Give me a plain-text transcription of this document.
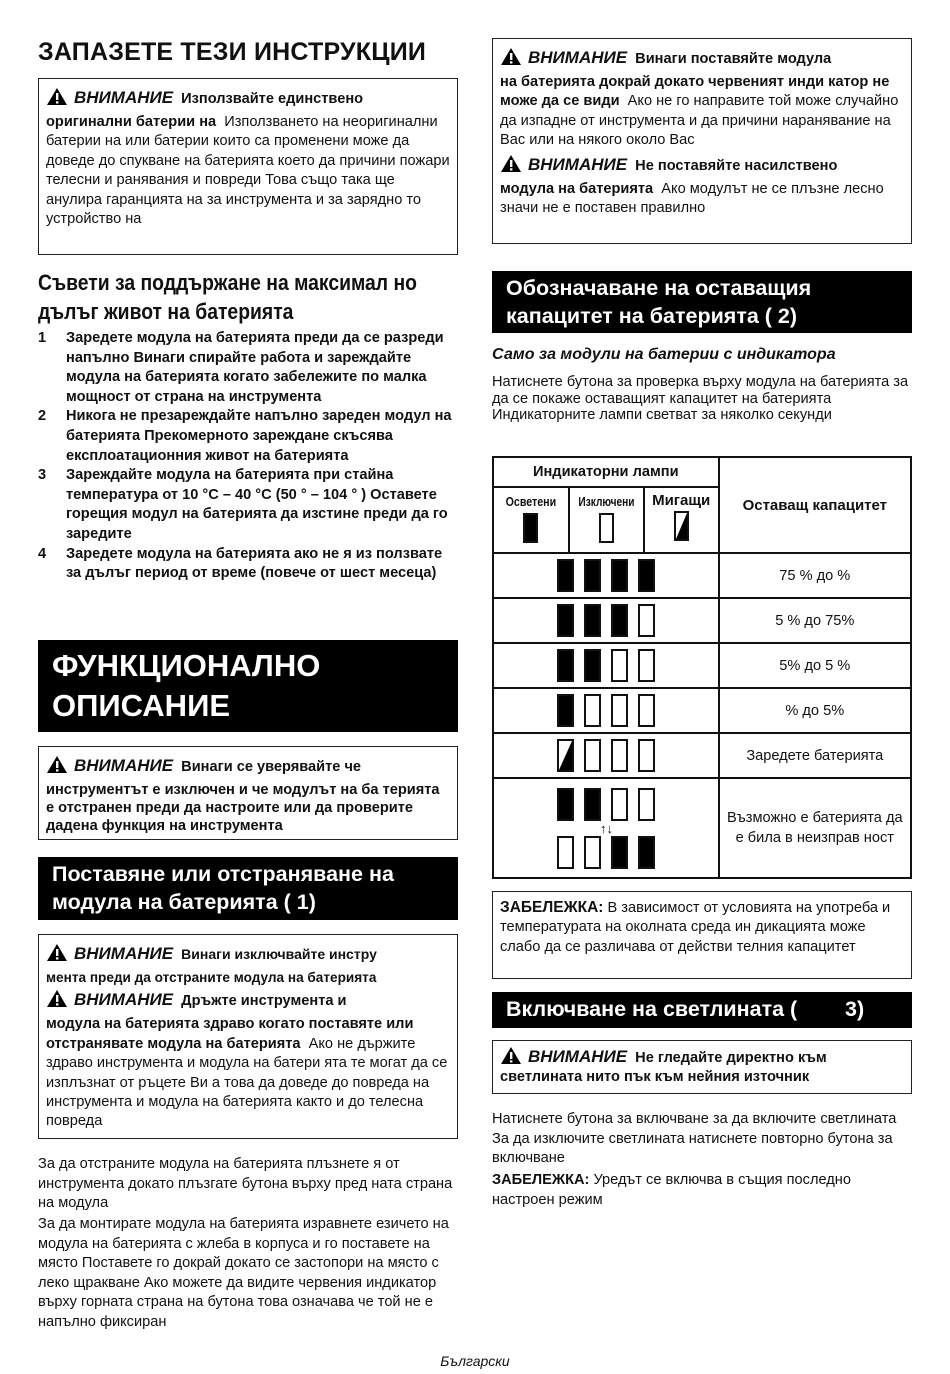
ЗАПАЗЕТЕ ТЕЗИ ИНСТРУКЦИИ
ВНИМАНИЕ Използвайте единствено
оригинални батерии на Използването на неоригинални батерии на или батерии които са променени може да доведе до спукване на батерията което да причини пожари телесни и ранявания и повреди Това също така ще анулира гаранцията на за инструмента и за зарядно то устройство на
Съвети за поддържане на максимал но дълъг живот на батерията
1 Заредете модула на батерията преди да се разреди напълно Винаги спирайте работа и зареждайте модула на батерията когато забележите по малка мощност от страна на инструмента
2 Никога не презареждайте напълно зареден модул на батерията Прекомерното зареждане скъсява експлоатационния живот на батерията
3 Зареждайте модула на батерията при стайна температура от 10 °C – 40 °C (50 ° – 104 ° ) Оставете горещия модул на батерията да изстине преди да го заредите
4 Заредете модула на батерията ако не я из ползвате за дълъг период от време (повече от шест месеца)
ФУНКЦИОНАЛНО
ОПИСАНИЕ
ВНИМАНИЕ Винаги се уверявайте че
инструментът е изключен и че модулът на ба терията е отстранен преди да настроите или да проверите дадена функция на инструмента
Поставяне или отстраняване на
модула на батерията ( 1)
ВНИМАНИЕ Винаги изключвайте инстру
мента преди да отстраните модула на батерията
ВНИМАНИЕ Дръжте инструмента и
модула на батерията здраво когато поставяте или отстранявате модула на батерията Ако не държите здраво инструмента и модула на батери ята те могат да се изплъзнат от ръцете Ви а това да доведе до повреда на инструмента и модула на батерията както и до телесна повреда
За да отстраните модула на батерията плъзнете я от инструмента докато плъзгате бутона върху пред ната страна на модула
За да монтирате модула на батерията изравнете езичето на модула на батерията с жлеба в корпуса и го поставете на място Поставете го докрай докато се застопори на място с леко щракване Ако можете да видите червения индикатор върху горната страна на бутона това означава че той не е напълно фиксиран
ВНИМАНИЕ Винаги поставяйте модула
на батерията докрай докато червеният инди катор не може да се види Ако не го направите той може случайно да изпадне от инструмента и да причини наранявание на Вас или на някого около Вас
ВНИМАНИЕ Не поставяйте насилствено
модула на батерията Ако модулът не се плъзне лесно значи не е поставен правилно
Обозначаване на оставащия
капацитет на батерията ( 2)
Само за модули на батерии с индикатора
Натиснете бутона за проверка върху модула на батерията за да се покаже оставащият капацитет на батерията Индикаторните лампи светват за няколко секунди
Индикаторни лампи			Оставащ капацитет

Осветени	Изключени	Мигащи	

			75 % до %
			5 % до 75%
			5% до 5 %
			% до 5%
			Заредете батерията

↑↓			Възможно е батерията да е била в неизправ ност
ЗАБЕЛЕЖКА: В зависимост от условията на употреба и температурата на околната среда ин дикацията може слабо да се различава от действи телния капацитет
Включване на светлината (        3)
ВНИМАНИЕ Не гледайте директно към
светлината нито пък към нейния източник
Натиснете бутона за включване за да включите светлината За да изключите светлината натиснете повторно бутона за включване
ЗАБЕЛЕЖКА: Уредът се включва в същия последно настроен режим
Български
